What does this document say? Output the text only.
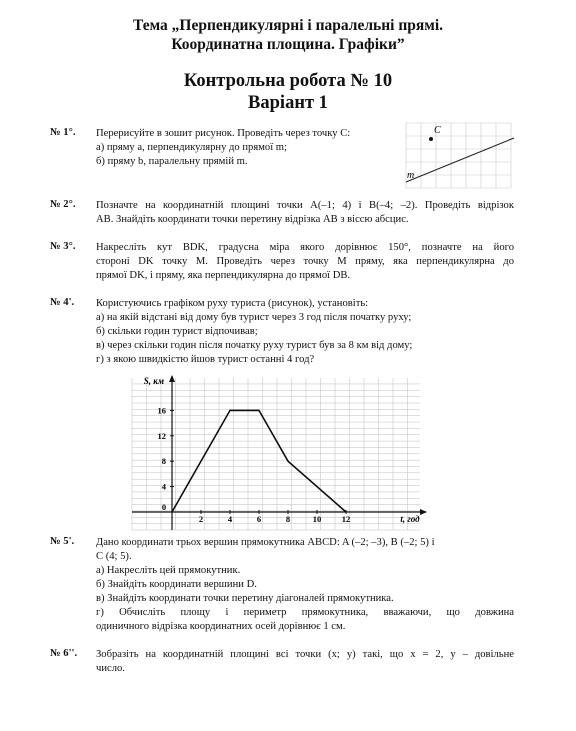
Тема „Перпендикулярні і паралельні прямі.
Координатна площина. Графіки”
Контрольна робота № 10
Варіант 1
№ 1°. Перерисуйте в зошит рисунок. Проведіть через точку C:
а) пряму a, перпендикулярну до прямої m;
б) пряму b, паралельну прямій m.
C
m
№ 2°. Позначте на координатній площині точки A(–1; 4) і B(–4; –2). Проведіть відрізок
AB. Знайдіть координати точки перетину відрізка AB з віссю абсцис.
№ 3°. Накресліть кут BDK, градусна міра якого дорівнює 150°, позначте на його
стороні DK точку M. Проведіть через точку M пряму, яка перпендикулярна до
прямої DK, і пряму, яка перпендикулярна до прямої DB.
№ 4'. Користуючись графіком руху туриста (рисунок), установіть:
а) на якій відстані від дому був турист через 3 год після початку руху;
б) скільки годин турист відпочивав;
в) через скільки годин після початку руху турист був за 8 км від дому;
г) з якою швидкістю йшов турист останні 4 год?
0
2	4	6	8	10 12
4
8
12
16
S, км
t, год
№ 5'. Дано координати трьох вершин прямокутника ABCD: A (–2; –3), B (–2; 5) і
C (4; 5).
а) Накресліть цей прямокутник.
б) Знайдіть координати вершини D.
в) Знайдіть координати точки перетину діагоналей прямокутника.
г) Обчисліть площу і периметр прямокутника, вважаючи, що довжина
одиничного відрізка координатних осей дорівнює 1 см.
№ 6''. Зобразіть на координатній площині всі точки (x; y) такі, що x = 2, y – довільне
число.
